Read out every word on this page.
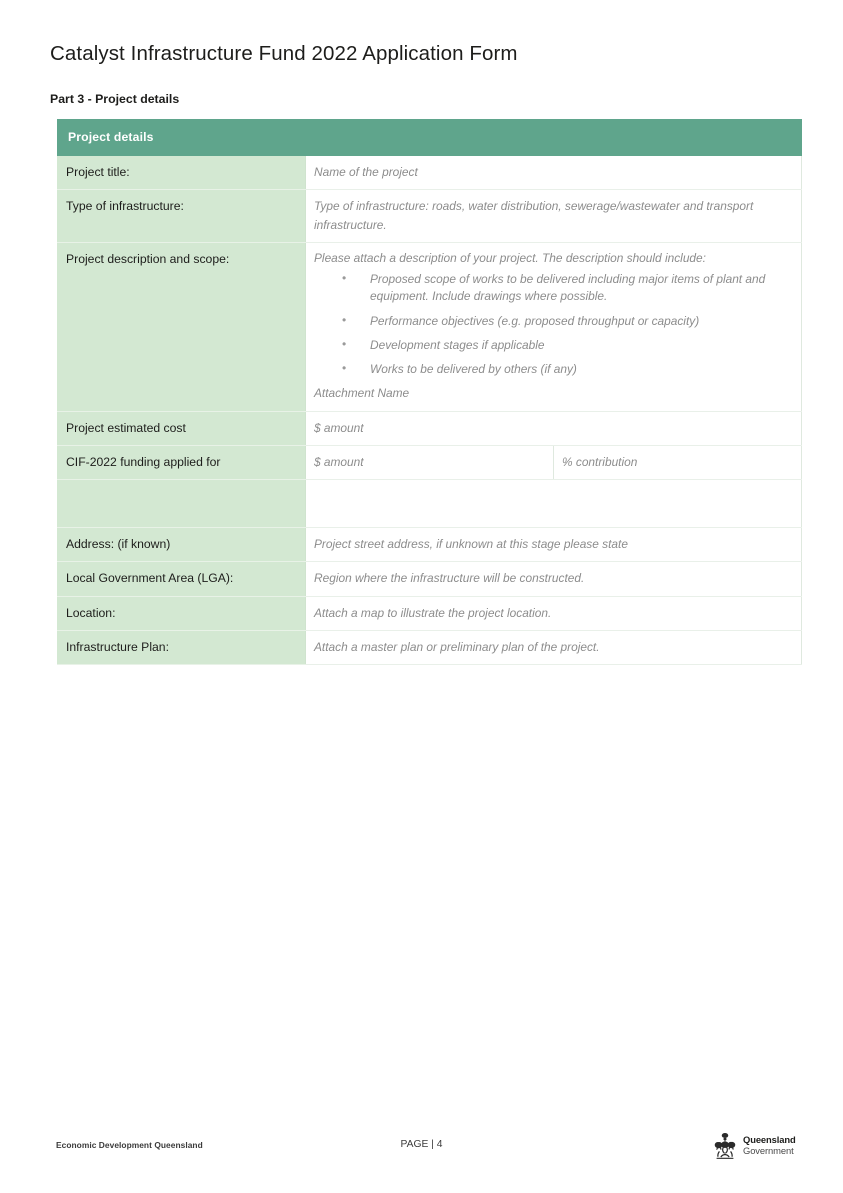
Catalyst Infrastructure Fund 2022 Application Form
Part 3 - Project details
Project details		
Project title:	Name of the project	
Type of infrastructure:	Type of infrastructure: roads, water distribution, sewerage/wastewater and transport infrastructure.	
Project description and scope:	Please attach a description of your project. The description should include:
• Proposed scope of works to be delivered including major items of plant and equipment. Include drawings where possible.
• Performance objectives (e.g. proposed throughput or capacity)
• Development stages if applicable
• Works to be delivered by others (if any)
Attachment Name

Project estimated cost	$ amount	
CIF-2022 funding applied for	$ amount	% contribution

Address: (if known)	Project street address, if unknown at this stage please state	
Local Government Area (LGA):	Region where the infrastructure will be constructed.	
Location:	Attach a map to illustrate the project location.	
Infrastructure Plan:	Attach a master plan or preliminary plan of the project.	
Economic Development Queensland	PAGE | 4	Queensland
Government
